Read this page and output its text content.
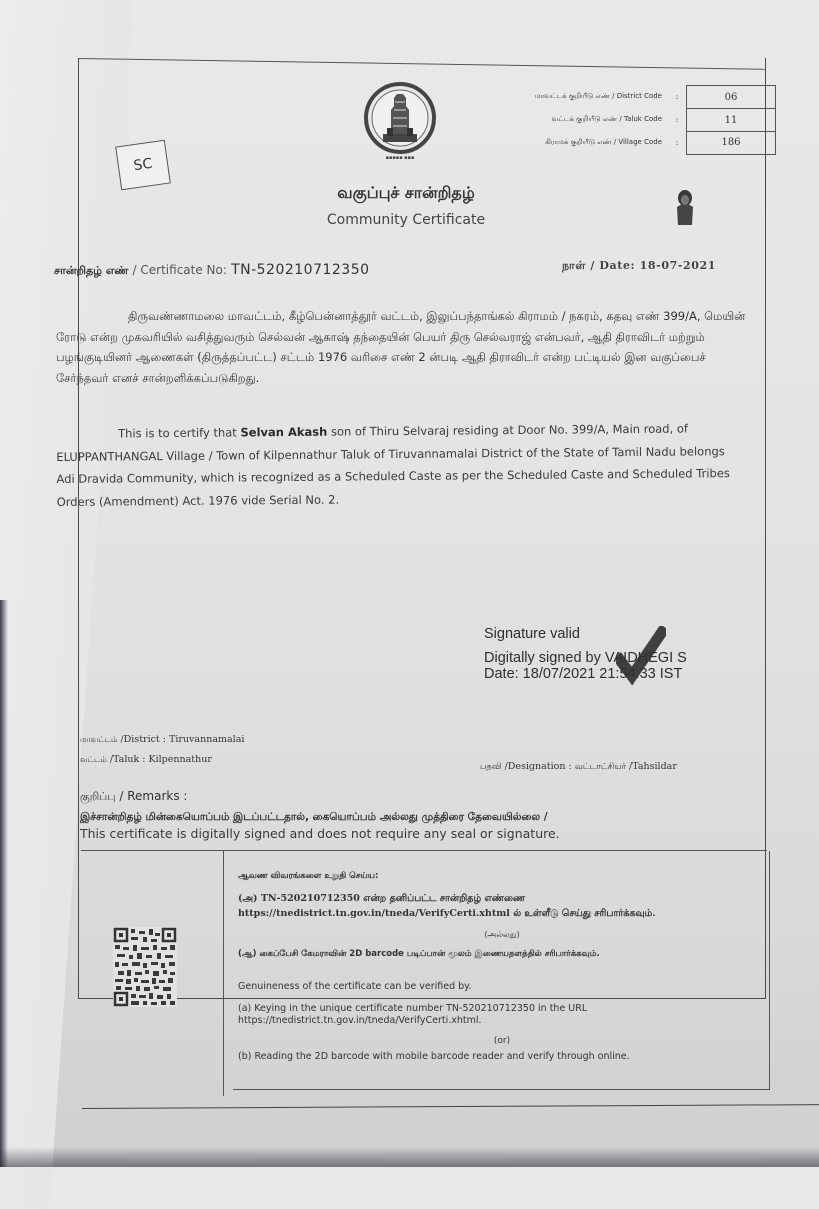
SC	▪▪▪▪▪ ▪▪▪
மாவட்டக் குறியீடு எண் / District Code	:	06
வட்டக் குறியீடு எண் / Taluk Code	:	11
கிராமக் குறியீடு எண் / Village Code	:	186
வகுப்புச் சான்றிதழ்
Community Certificate
சான்றிதழ் எண் / Certificate No: TN-520210712350	நாள் / Date: 18-07-2021
திருவண்ணாமலை மாவட்டம், கீழ்பென்னாத்தூர் வட்டம், இலுப்பந்தாங்கல் கிராமம் / நகரம், கதவு எண் 399/A, மெயின் ரோடு என்ற முகவரியில் வசித்துவரும் செல்வன் ஆகாஷ் தந்தையின் பெயர் திரு செல்வராஜ் என்பவர், ஆதி திராவிடர் மற்றும் பழங்குடியினர் ஆணைகள் (திருத்தப்பட்ட) சட்டம் 1976 வரிசை எண் 2 ன்படி ஆதி திராவிடர் என்ற பட்டியல் இன வகுப்பைச் சேர்ந்தவர் எனச் சான்றளிக்கப்படுகிறது.
This is to certify that Selvan Akash son of Thiru Selvaraj residing at Door No. 399/A, Main road, of ELUPPANTHANGAL Village / Town of Kilpennathur Taluk of Tiruvannamalai District of the State of Tamil Nadu belongs Adi Dravida Community, which is recognized as a Scheduled Caste as per the Scheduled Caste and Scheduled Tribes Orders (Amendment) Act. 1976 vide Serial No. 2.
Signature valid
Digitally signed by VAIDHEGI S
Date: 18/07/2021 21:54:33 IST
மாவட்டம் /District : Tiruvannamalai
வட்டம் /Taluk : Kilpennathur
பதவி /Designation : வட்டாட்சியர் /Tahsildar
குறிப்பு / Remarks :
இச்சான்றிதழ் மின்கையொப்பம் இடப்பட்டதால், கையொப்பம் அல்லது முத்திரை தேவையில்லை /
This certificate is digitally signed and does not require any seal or signature.
ஆவண விவரங்களை உறுதி செய்ய:
(அ) TN-520210712350 என்ற தனிப்பட்ட சான்றிதழ் எண்ணை https://tnedistrict.tn.gov.in/tneda/VerifyCerti.xhtml ல் உள்ளீடு செய்து சரிபார்க்கவும்.
(அல்லது)
(ஆ) கைப்பேசி கேமராவின் 2D barcode படிப்பான் மூலம் இணையதளத்தில் சரிபார்க்கவும்.
Genuineness of the certificate can be verified by.
(a) Keying in the unique certificate number TN-520210712350 in the URL https://tnedistrict.tn.gov.in/tneda/VerifyCerti.xhtml.
(or)
(b) Reading the 2D barcode with mobile barcode reader and verify through online.
